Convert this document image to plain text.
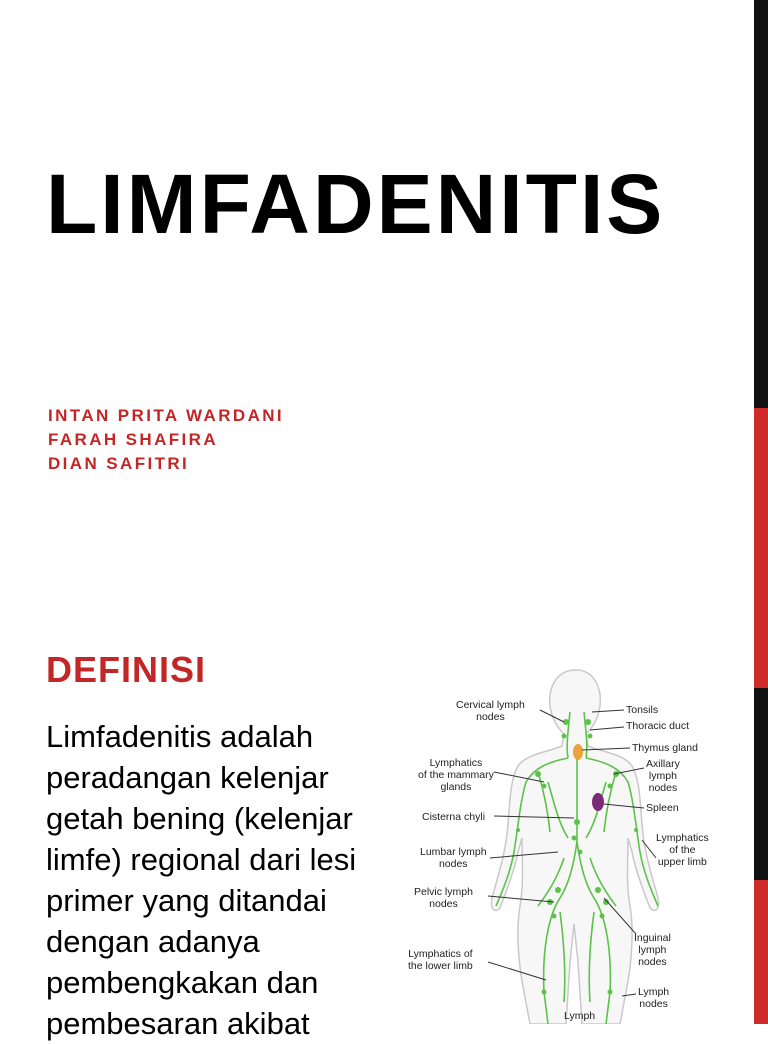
LIMFADENITIS
INTAN PRITA WARDANI
FARAH SHAFIRA
DIAN SAFITRI
DEFINISI

Limfadenitis adalah peradangan kelenjar getah bening (kelenjar limfe) regional dari lesi primer yang ditandai dengan adanya pembengkakan dan pembesaran akibat

Cervical lymph
nodes
Tonsils
Thoracic duct
Thymus gland
Lymphatics
of the mammary
glands
Axillary
lymph
nodes
Spleen
Cisterna chyli
Lymphatics
of the
upper limb
Lumbar lymph
nodes
Pelvic lymph
nodes
Inguinal
lymph
nodes
Lymphatics of
the lower limb
Lymph
nodes
Lymph
